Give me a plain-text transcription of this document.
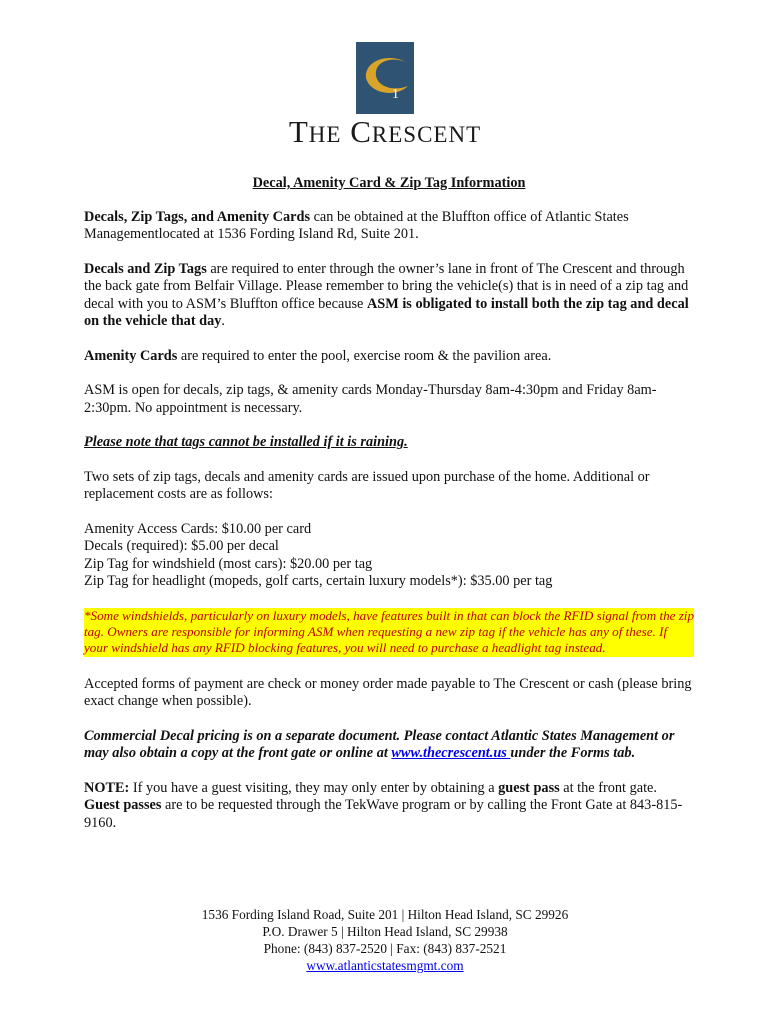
1
THE CRESCENT
Decal, Amenity Card & Zip Tag Information

Decals, Zip Tags, and Amenity Cards can be obtained at the Bluffton office of Atlantic States Managementlocated at 1536 Fording Island Rd, Suite 201.

Decals and Zip Tags are required to enter through the owner’s lane in front of The Crescent and through the back gate from Belfair Village. Please remember to bring the vehicle(s) that is in need of a zip tag and decal with you to ASM’s Bluffton office because ASM is obligated to install both the zip tag and decal on the vehicle that day.

Amenity Cards are required to enter the pool, exercise room & the pavilion area.

ASM is open for decals, zip tags, & amenity cards Monday-Thursday 8am-4:30pm and Friday 8am-2:30pm. No appointment is necessary.

Please note that tags cannot be installed if it is raining.

Two sets of zip tags, decals and amenity cards are issued upon purchase of the home. Additional or replacement costs are as follows:

Amenity Access Cards: $10.00 per card
Decals (required): $5.00 per decal
Zip Tag for windshield (most cars): $20.00 per tag
Zip Tag for headlight (mopeds, golf carts, certain luxury models*): $35.00 per tag

*Some windshields, particularly on luxury models, have features built in that can block the RFID signal from the zip tag. Owners are responsible for informing ASM when requesting a new zip tag if the vehicle has any of these. If your windshield has any RFID blocking features, you will need to purchase a headlight tag instead.

Accepted forms of payment are check or money order made payable to The Crescent or cash (please bring exact change when possible).

Commercial Decal pricing is on a separate document. Please contact Atlantic States Management or may also obtain a copy at the front gate or online at www.thecrescent.us under the Forms tab.

NOTE: If you have a guest visiting, they may only enter by obtaining a guest pass at the front gate. Guest passes are to be requested through the TekWave program or by calling the Front Gate at 843-815-9160.

1536 Fording Island Road, Suite 201 | Hilton Head Island, SC 29926
P.O. Drawer 5 | Hilton Head Island, SC 29938
Phone: (843) 837-2520 | Fax: (843) 837-2521
www.atlanticstatesmgmt.com
